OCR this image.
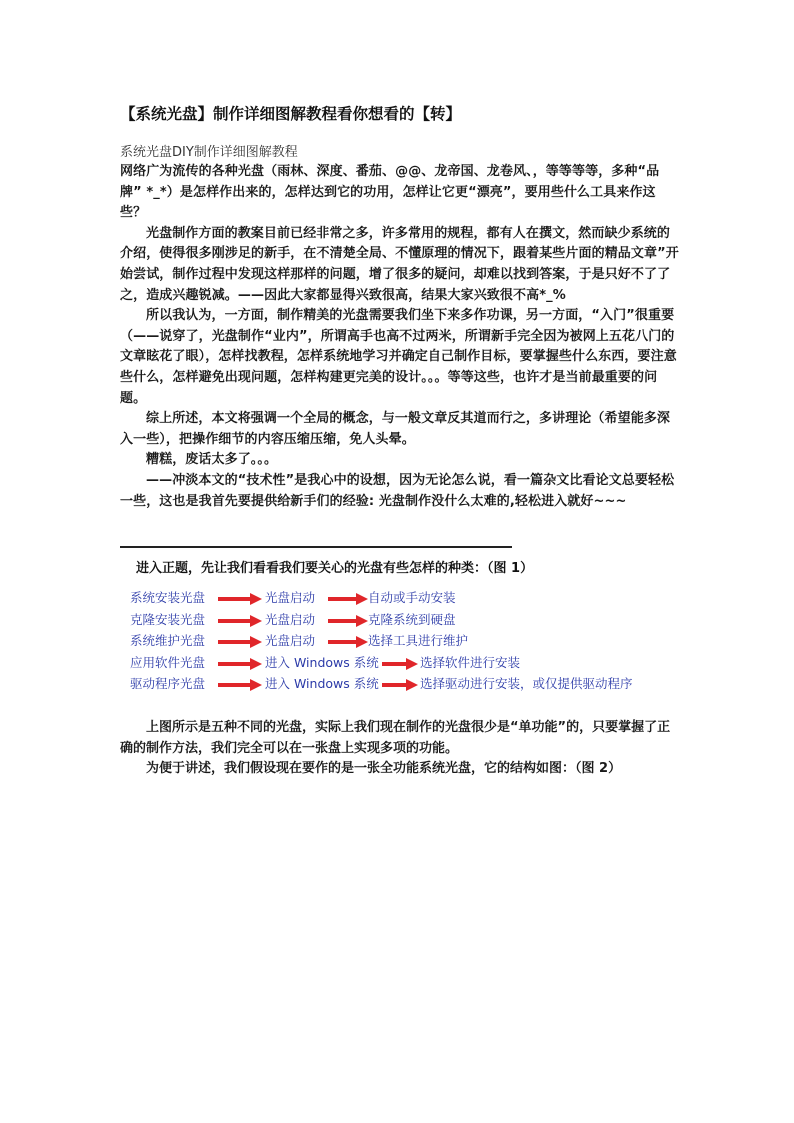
【系统光盘】制作详细图解教程看你想看的【转】
系统光盘DIY制作详细图解教程

网络广为流传的各种光盘（雨林、深度、番茄、@@、龙帝国、龙卷风、，等等等等，多种“品牌” *_*）是怎样作出来的，怎样达到它的功用，怎样让它更“漂亮”，要用些什么工具来作这些？

光盘制作方面的教案目前已经非常之多，许多常用的规程，都有人在撰文，然而缺少系统的介绍，使得很多刚涉足的新手，在不清楚全局、不懂原理的情况下，跟着某些片面的精品文章”开始尝试，制作过程中发现这样那样的问题，增了很多的疑问，却难以找到答案，于是只好不了了之，造成兴趣锐减。——因此大家都显得兴致很高，结果大家兴致很不高*_%

所以我认为，一方面，制作精美的光盘需要我们坐下来多作功课，另一方面，“入门”很重要（——说穿了，光盘制作“业内”，所谓高手也高不过两米，所谓新手完全因为被网上五花八门的文章眩花了眼），怎样找教程，怎样系统地学习并确定自己制作目标，要掌握些什么东西，要注意些什么，怎样避免出现问题，怎样构建更完美的设计。。。等等这些，也许才是当前最重要的问题。

综上所述，本文将强调一个全局的概念，与一般文章反其道而行之，多讲理论（希望能多深入一些），把操作细节的内容压缩压缩，免人头晕。

糟糕，废话太多了。。。

——冲淡本文的“技术性”是我心中的设想，因为无论怎么说，看一篇杂文比看论文总要轻松一些，这也是我首先要提供给新手们的经验: 光盘制作没什么太难的,轻松进入就好~~~

进入正题，先让我们看看我们要关心的光盘有些怎样的种类：（图 1）
系统安装光盘	光盘启动	自动或手动安装
克隆安装光盘	光盘启动	克隆系统到硬盘
系统维护光盘	光盘启动	选择工具进行维护
应用软件光盘	进入 Windows 系统	选择软件进行安装
驱动程序光盘	进入 Windows 系统	选择驱动进行安装，或仅提供驱动程序

上图所示是五种不同的光盘，实际上我们现在制作的光盘很少是“单功能”的，只要掌握了正确的制作方法，我们完全可以在一张盘上实现多项的功能。

为便于讲述，我们假设现在要作的是一张全功能系统光盘，它的结构如图：（图 2）
